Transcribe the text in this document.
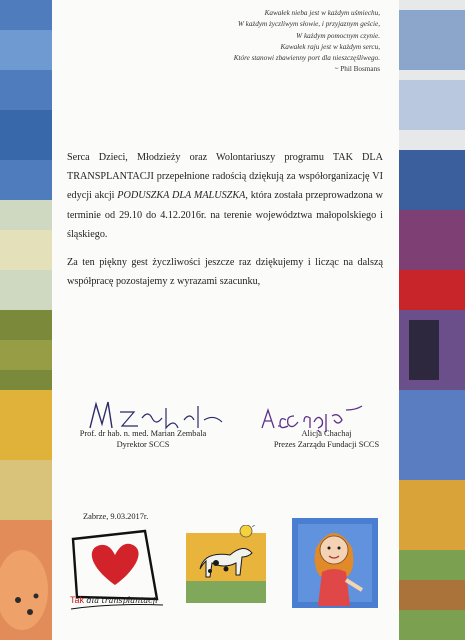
Kawałek nieba jest w każdym uśmiechu,
W każdym życzliwym słowie, i przyjaznym geście,
W każdym pomocnym czynie.
Kawałek raju jest w każdym sercu,
Które stanowi zbawienny port dla nieszczęśliwego.
~ Phil Bosmans

Serca Dzieci, Młodzieży oraz Wolontariuszy programu TAK DLA TRANSPLANTACJI przepełnione radością dziękują za współorganizację VI edycji akcji PODUSZKA DLA MALUSZKA, która została przeprowadzona w terminie od 29.10 do 4.12.2016r. na terenie województwa małopolskiego i śląskiego.

Za ten piękny gest życzliwości jeszcze raz dziękujemy i licząc na dalszą współpracę pozostajemy z wyrazami szacunku,

Prof. dr hab. n. med. Marian Zembala
Dyrektor SCCS
Alicja Chachaj
Prezes Zarządu Fundacji SCCS
Zabrze, 9.03.2017r.
Tak dla transplantacji
